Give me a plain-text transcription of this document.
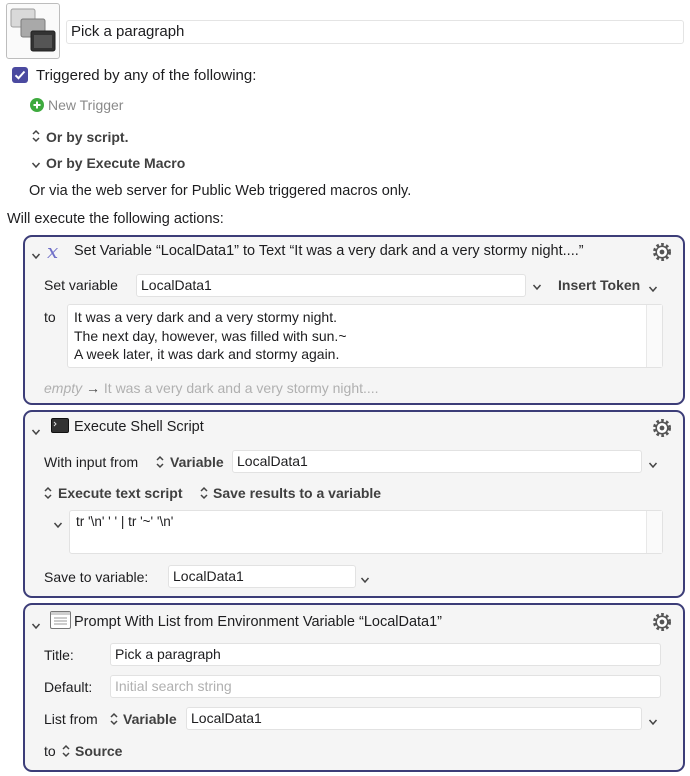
Pick a paragraph
Triggered by any of the following:
New Trigger
Or by script.
Or by Execute Macro
Or via the web server for Public Web triggered macros only.
Will execute the following actions:
x Set Variable “LocalData1” to Text “It was a very dark and a very stormy night....”
Set variable	LocalData1	Insert Token
to It was a very dark and a very stormy night.
The next day, however, was filled with sun.~
A week later, it was dark and stormy again.
empty → It was a very dark and a very stormy night....
Execute Shell Script
With input from Variable LocalData1
Execute text script Save results to a variable
tr '\n' ' ' | tr '~' '\n'
Save to variable:	LocalData1
Prompt With List from Environment Variable “LocalData1”
Title:	Pick a paragraph
Default:	Initial search string
List from Variable	LocalData1
to Source
